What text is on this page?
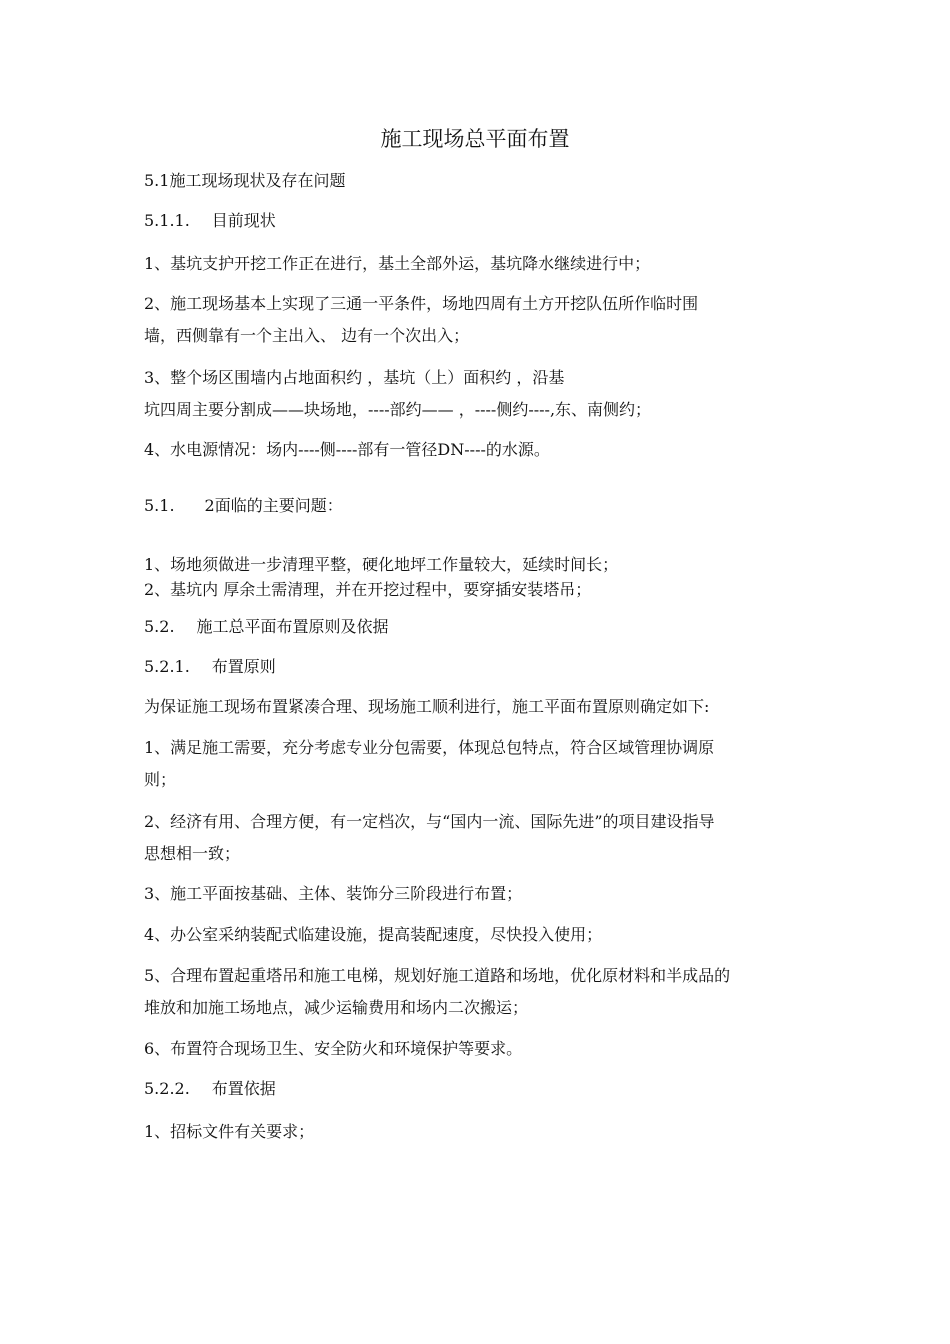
施工现场总平面布置
5.1施工现场现状及存在问题
5.1.1. 目前现状
1、基坑支护开挖工作正在进行，基土全部外运，基坑降水继续进行中；
2、施工现场基本上实现了三通一平条件，场地四周有土方开挖队伍所作临时围
墙，西侧靠有一个主出入、 边有一个次出入；
3、整个场区围墙内占地面积约 ，基坑（上）面积约 ，沿基
坑四周主要分割成——块场地，----部约—— ，----侧约----,东、南侧约；
4、水电源情况：场内----侧----部有一管径DN----的水源。
5.1. 2面临的主要问题：
1、场地须做进一步清理平整，硬化地坪工作量较大，延续时间长；
2、基坑内 厚余土需清理，并在开挖过程中，要穿插安装塔吊；
5.2. 施工总平面布置原则及依据
5.2.1. 布置原则
为保证施工现场布置紧凑合理、现场施工顺利进行，施工平面布置原则确定如下:
1、满足施工需要，充分考虑专业分包需要，体现总包特点，符合区域管理协调原
则；
2、经济有用、合理方便，有一定档次，与“国内一流、国际先进”的项目建设指导
思想相一致；
3、施工平面按基础、主体、装饰分三阶段进行布置；
4、办公室采纳装配式临建设施，提高装配速度，尽快投入使用；
5、合理布置起重塔吊和施工电梯，规划好施工道路和场地，优化原材料和半成品的
堆放和加施工场地点，减少运输费用和场内二次搬运；
6、布置符合现场卫生、安全防火和环境保护等要求。
5.2.2. 布置依据
1、招标文件有关要求；
